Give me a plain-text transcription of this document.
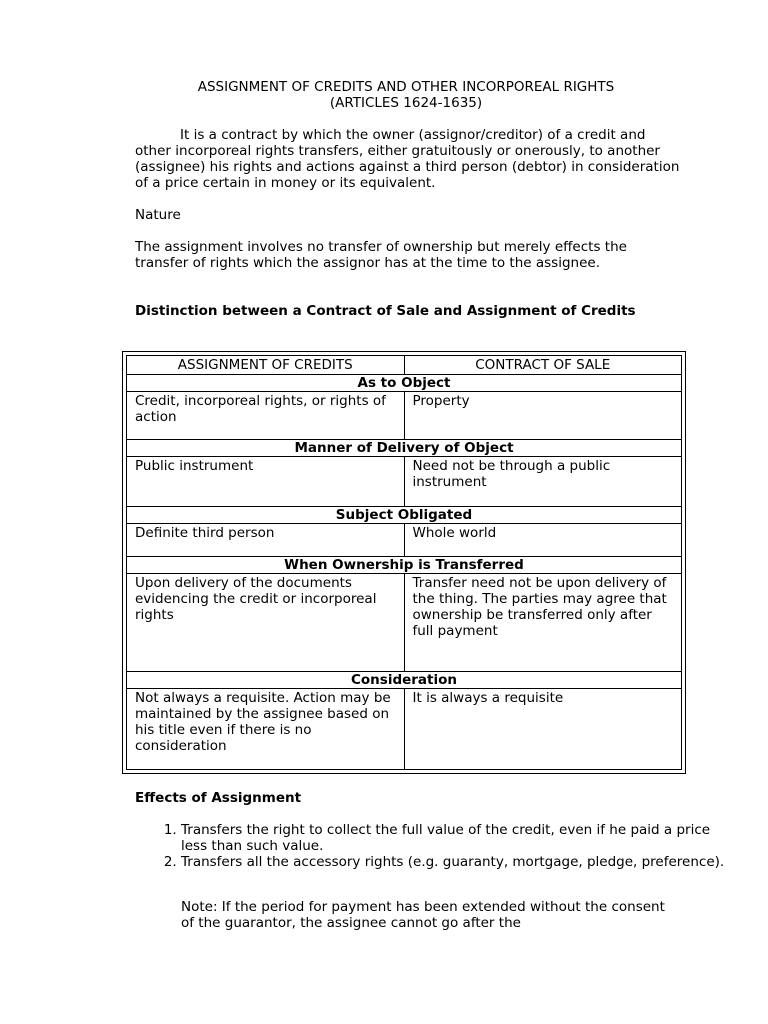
ASSIGNMENT OF CREDITS AND OTHER INCORPOREAL RIGHTS
(ARTICLES 1624-1635)
It is a contract by which the owner (assignor/creditor) of a credit and other incorporeal rights transfers, either gratuitously or onerously, to another (assignee) his rights and actions against a third person (debtor) in consideration of a price certain in money or its equivalent.
Nature
The assignment involves no transfer of ownership but merely effects the transfer of rights which the assignor has at the time to the assignee.
Distinction between a Contract of Sale and Assignment of Credits
ASSIGNMENT OF CREDITS	CONTRACT OF SALE
As to Object	
Credit, incorporeal rights, or rights of action	Property
Manner of Delivery of Object	
Public instrument	Need not be through a public instrument
Subject Obligated	
Definite third person	Whole world
When Ownership is Transferred	
Upon delivery of the documents evidencing the credit or incorporeal rights	Transfer need not be upon delivery of the thing. The parties may agree that ownership be transferred only after full payment
Consideration	
Not always a requisite. Action may be maintained by the assignee based on his title even if there is no consideration	It is always a requisite
Effects of Assignment
1. Transfers the right to collect the full value of the credit, even if he paid a price less than such value.
2. Transfers all the accessory rights (e.g. guaranty, mortgage, pledge, preference).
Note: If the period for payment has been extended without the consent of the guarantor, the assignee cannot go after the
